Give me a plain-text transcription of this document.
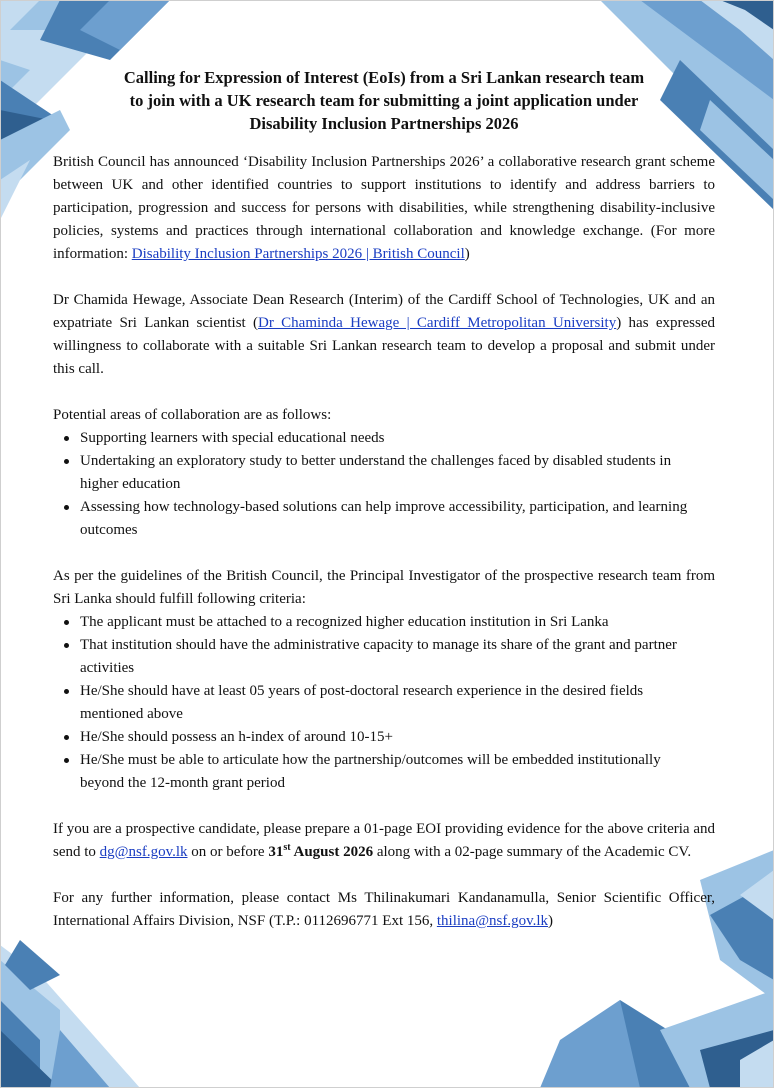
Calling for Expression of Interest (EoIs) from a Sri Lankan research team
to join with a UK research team for submitting a joint application under
Disability Inclusion Partnerships 2026

British Council has announced ‘Disability Inclusion Partnerships 2026’ a collaborative research grant scheme between UK and other identified countries to support institutions to identify and address barriers to participation, progression and success for persons with disabilities, while strengthening disability-inclusive policies, systems and practices through international collaboration and knowledge exchange. (For more information: Disability Inclusion Partnerships 2026 | British Council)

Dr Chamida Hewage, Associate Dean Research (Interim) of the Cardiff School of Technologies, UK and an expatriate Sri Lankan scientist (Dr Chaminda Hewage | Cardiff Metropolitan University) has expressed willingness to collaborate with a suitable Sri Lankan research team to develop a proposal and submit under this call.

Potential areas of collaboration are as follows:

Supporting learners with special educational needs
Undertaking an exploratory study to better understand the challenges faced by disabled students in higher education
Assessing how technology-based solutions can help improve accessibility, participation, and learning outcomes

As per the guidelines of the British Council, the Principal Investigator of the prospective research team from Sri Lanka should fulfill following criteria:

The applicant must be attached to a recognized higher education institution in Sri Lanka
That institution should have the administrative capacity to manage its share of the grant and partner activities
He/She should have at least 05 years of post-doctoral research experience in the desired fields mentioned above
He/She should possess an h-index of around 10-15+
He/She must be able to articulate how the partnership/outcomes will be embedded institutionally beyond the 12-month grant period

If you are a prospective candidate, please prepare a 01-page EOI providing evidence for the above criteria and send to dg@nsf.gov.lk on or before 31st August 2026 along with a 02-page summary of the Academic CV.

For any further information, please contact Ms Thilinakumari Kandanamulla, Senior Scientific Officer, International Affairs Division, NSF (T.P.: 0112696771 Ext 156, thilina@nsf.gov.lk)
